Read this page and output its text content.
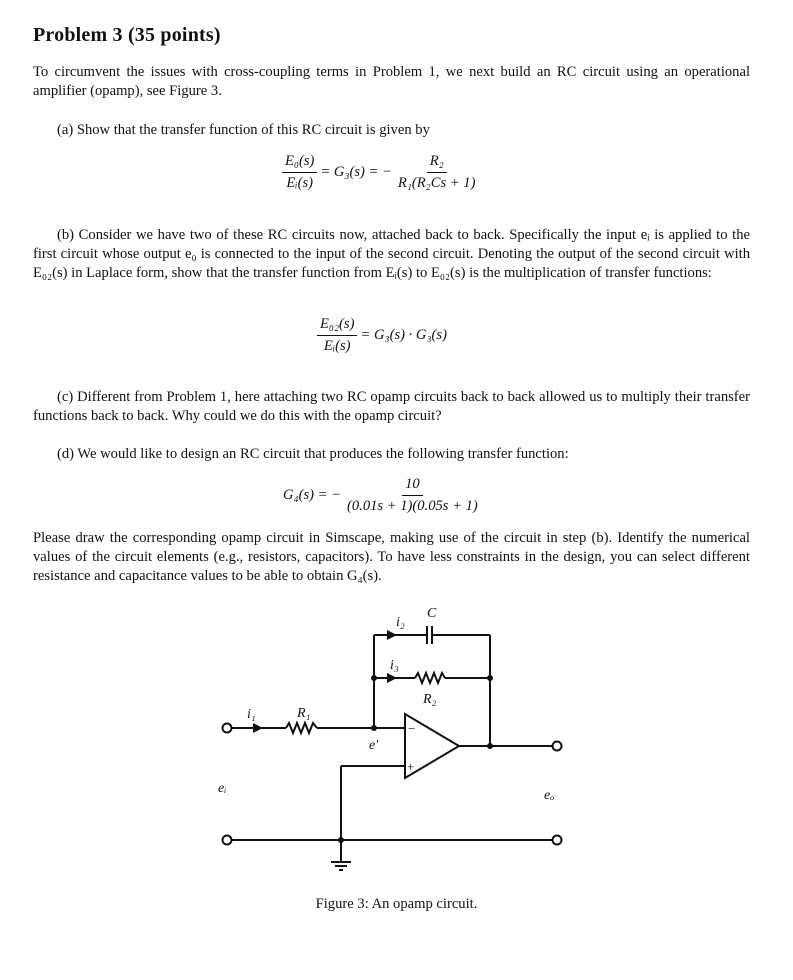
Problem 3 (35 points)
To circumvent the issues with cross-coupling terms in Problem 1, we next build an RC circuit using an operational amplifier (opamp), see Figure 3.
(a) Show that the transfer function of this RC circuit is given by
$\frac{\text{E₀(s)}}{\text{Eᵢ(s)}} = G_3(s)$ = − $\frac{\text{R₂}}{\text{R₁(R₂Cs + 1)}}$
(b) Consider we have two of these RC circuits now, attached back to back. Specifically the input eᵢ is applied to the first circuit whose output e₀ is connected to the input of the second circuit. Denoting the output of the second circuit with E₀₂(s) in Laplace form, show that the transfer function from Eᵢ(s) to E₀₂(s) is the multiplication of transfer functions:
$\frac{\text{E₀₂(s)}}{\text{Eᵢ(s)}} = G_3(s) \cdot G_3(s)$
(c) Different from Problem 1, here attaching two RC opamp circuits back to back allowed us to multiply their transfer functions back to back. Why could we do this with the opamp circuit?
(d) We would like to design an RC circuit that produces the following transfer function:
G₄(s) = − $\frac{10}{(0.01s + 1)(0.05s + 1)}$
Please draw the corresponding opamp circuit in Simscape, making use of the circuit in step (b). Identify the numerical values of the circuit elements (e.g., resistors, capacitors). To have less constraints in the design, you can select different resistance and capacitance values to be able to obtain G₄(s).
C
i₂
i₃
R₂
i₁	R₁
e′
eᵢ	eₒ
−
+
Figure 3: An opamp circuit.
